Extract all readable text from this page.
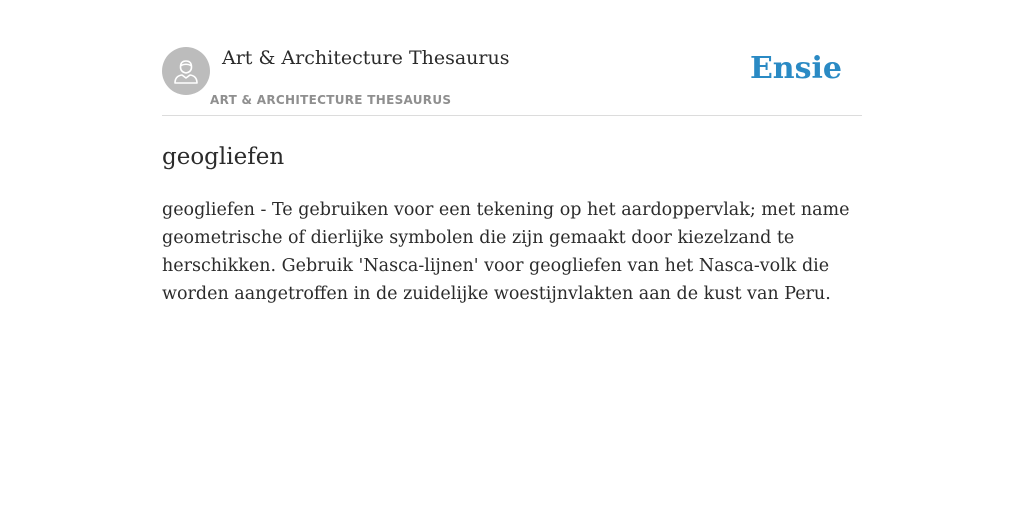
Art & Architecture Thesaurus
ART & ARCHITECTURE THESAURUS
Ensie
geogliefen

geogliefen - Te gebruiken voor een tekening op het aardoppervlak; met name geometrische of dierlijke symbolen die zijn gemaakt door kiezelzand te herschikken. Gebruik 'Nasca-lijnen' voor geogliefen van het Nasca-volk die worden aangetroffen in de zuidelijke woestijnvlakten aan de kust van Peru.
